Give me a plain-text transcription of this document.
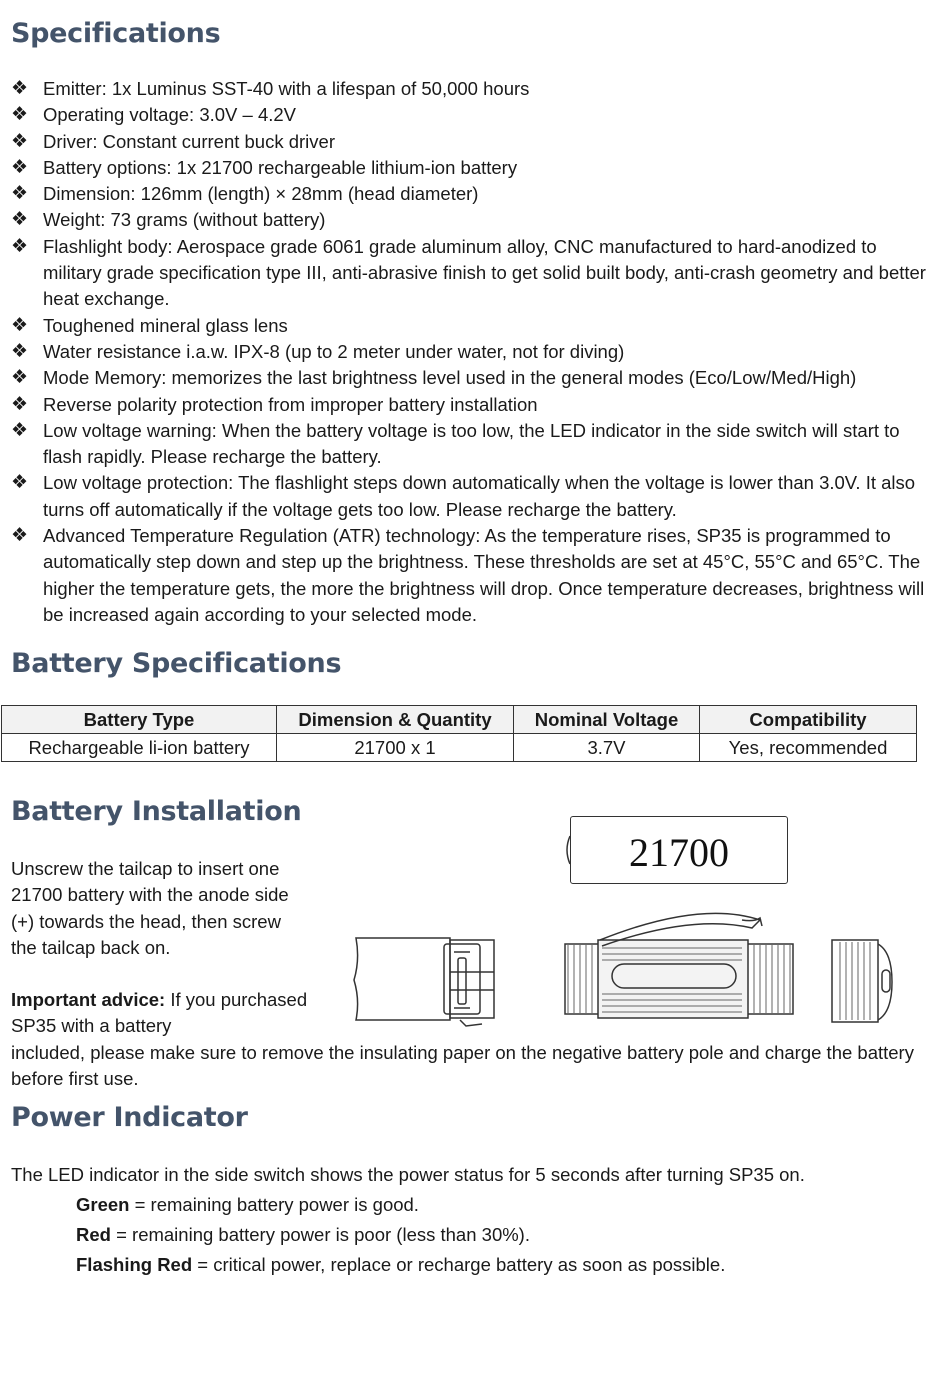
Specifications
❖ Emitter: 1x Luminus SST-40 with a lifespan of 50,000 hours
❖ Operating voltage: 3.0V – 4.2V
❖ Driver: Constant current buck driver
❖ Battery options: 1x 21700 rechargeable lithium-ion battery
❖ Dimension: 126mm (length) × 28mm (head diameter)
❖ Weight: 73 grams (without battery)
❖ Flashlight body: Aerospace grade 6061 grade aluminum alloy, CNC manufactured to hard-anodized to military grade specification type III, anti-abrasive finish to get solid built body, anti-crash geometry and better heat exchange.
❖ Toughened mineral glass lens
❖ Water resistance i.a.w. IPX-8 (up to 2 meter under water, not for diving)
❖ Mode Memory: memorizes the last brightness level used in the general modes (Eco/Low/Med/High)
❖ Reverse polarity protection from improper battery installation
❖ Low voltage warning: When the battery voltage is too low, the LED indicator in the side switch will start to flash rapidly. Please recharge the battery.
❖ Low voltage protection: The flashlight steps down automatically when the voltage is lower than 3.0V. It also turns off automatically if the voltage gets too low. Please recharge the battery.
❖ Advanced Temperature Regulation (ATR) technology: As the temperature rises, SP35 is programmed to automatically step down and step up the brightness. These thresholds are set at 45°C, 55°C and 65°C. The higher the temperature gets, the more the brightness will drop. Once temperature decreases, brightness will be increased again according to your selected mode.
Battery Specifications
Battery Type	Dimension & Quantity	Nominal Voltage	Compatibility
Rechargeable li-ion battery	21700 x 1	3.7V	Yes, recommended
Battery Installation
Unscrew the tailcap to insert one 21700 battery with the anode side (+) towards the head, then screw the tailcap back on.
Important advice: If you purchased SP35 with a battery
included, please make sure to remove the insulating paper on the negative battery pole and charge the battery before first use.
21700
Power Indicator
The LED indicator in the side switch shows the power status for 5 seconds after turning SP35 on.
Green = remaining battery power is good.
Red = remaining battery power is poor (less than 30%).
Flashing Red = critical power, replace or recharge battery as soon as possible.
